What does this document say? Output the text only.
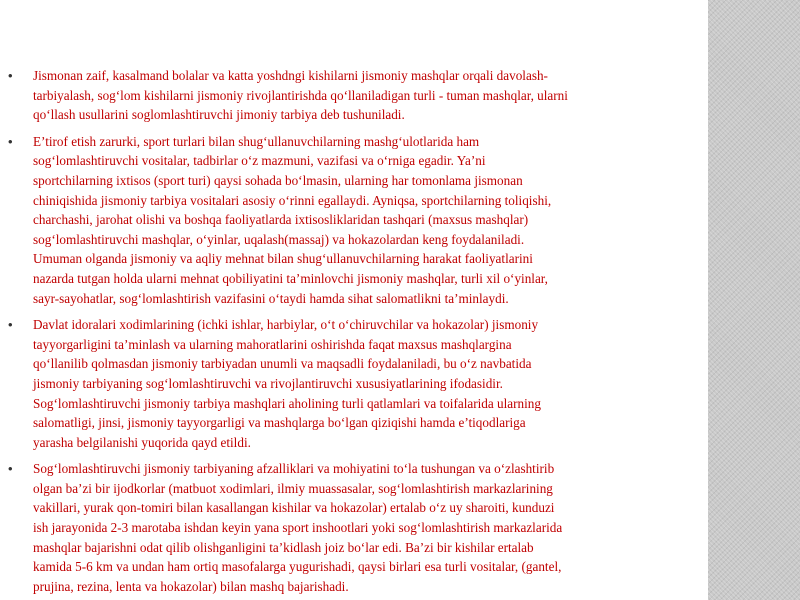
• Jismonan zaif, kasalmand bolalar va katta yoshdngi kishilarni jismoniy mashqlar orqali davolash-
tarbiyalash, sog‘lom kishilarni jismoniy rivojlantirishda qo‘llaniladigan turli - tuman mashqlar, ularni
qo‘llash usullarini soglomlashtiruvchi jimoniy tarbiya deb tushuniladi.
• E’tirof etish zarurki, sport turlari bilan shug‘ullanuvchilarning mashg‘ulotlarida ham
sog‘lomlashtiruvchi vositalar, tadbirlar o‘z mazmuni, vazifasi va o‘rniga egadir. Ya’ni
sportchilarning ixtisos (sport turi) qaysi sohada bo‘lmasin, ularning har tomonlama jismonan
chiniqishida jismoniy tarbiya vositalari asosiy o‘rinni egallaydi. Ayniqsa, sportchilarning toliqishi,
charchashi, jarohat olishi va boshqa faoliyatlarda ixtisosliklaridan tashqari (maxsus mashqlar)
sog‘lomlashtiruvchi mashqlar, o‘yinlar, uqalash(massaj) va hokazolardan keng foydalaniladi.
Umuman olganda jismoniy va aqliy mehnat bilan shug‘ullanuvchilarning harakat faoliyatlarini
nazarda tutgan holda ularni mehnat qobiliyatini ta’minlovchi jismoniy mashqlar, turli xil o‘yinlar,
sayr-sayohatlar, sog‘lomlashtirish vazifasini o‘taydi hamda sihat salomatlikni ta’minlaydi.
• Davlat idoralari xodimlarining (ichki ishlar, harbiylar, o‘t o‘chiruvchilar va hokazolar) jismoniy
tayyorgarligini ta’minlash va ularning mahoratlarini oshirishda faqat maxsus mashqlargina
qo‘llanilib qolmasdan jismoniy tarbiyadan unumli va maqsadli foydalaniladi, bu o‘z navbatida
jismoniy tarbiyaning sog‘lomlashtiruvchi va rivojlantiruvchi xususiyatlarining ifodasidir.
Sog‘lomlashtiruvchi jismoniy tarbiya mashqlari aholining turli qatlamlari va toifalarida ularning
salomatligi, jinsi, jismoniy tayyorgarligi va mashqlarga bo‘lgan qiziqishi hamda e’tiqodlariga
yarasha belgilanishi yuqorida qayd etildi.
• Sog‘lomlashtiruvchi jismoniy tarbiyaning afzalliklari va mohiyatini to‘la tushungan va o‘zlashtirib
olgan ba’zi bir ijodkorlar (matbuot xodimlari, ilmiy muassasalar, sog‘lomlashtirish markazlarining
vakillari, yurak qon-tomiri bilan kasallangan kishilar va hokazolar) ertalab o‘z uy sharoiti, kunduzi
ish jarayonida 2-3 marotaba ishdan keyin yana sport inshootlari yoki sog‘lomlashtirish markazlarida
mashqlar bajarishni odat qilib olishganligini ta’kidlash joiz bo‘lar edi. Ba’zi bir kishilar ertalab
kamida 5-6 km va undan ham ortiq masofalarga yugurishadi, qaysi birlari esa turli vositalar, (gantel,
prujina, rezina, lenta va hokazolar) bilan mashq bajarishadi.
